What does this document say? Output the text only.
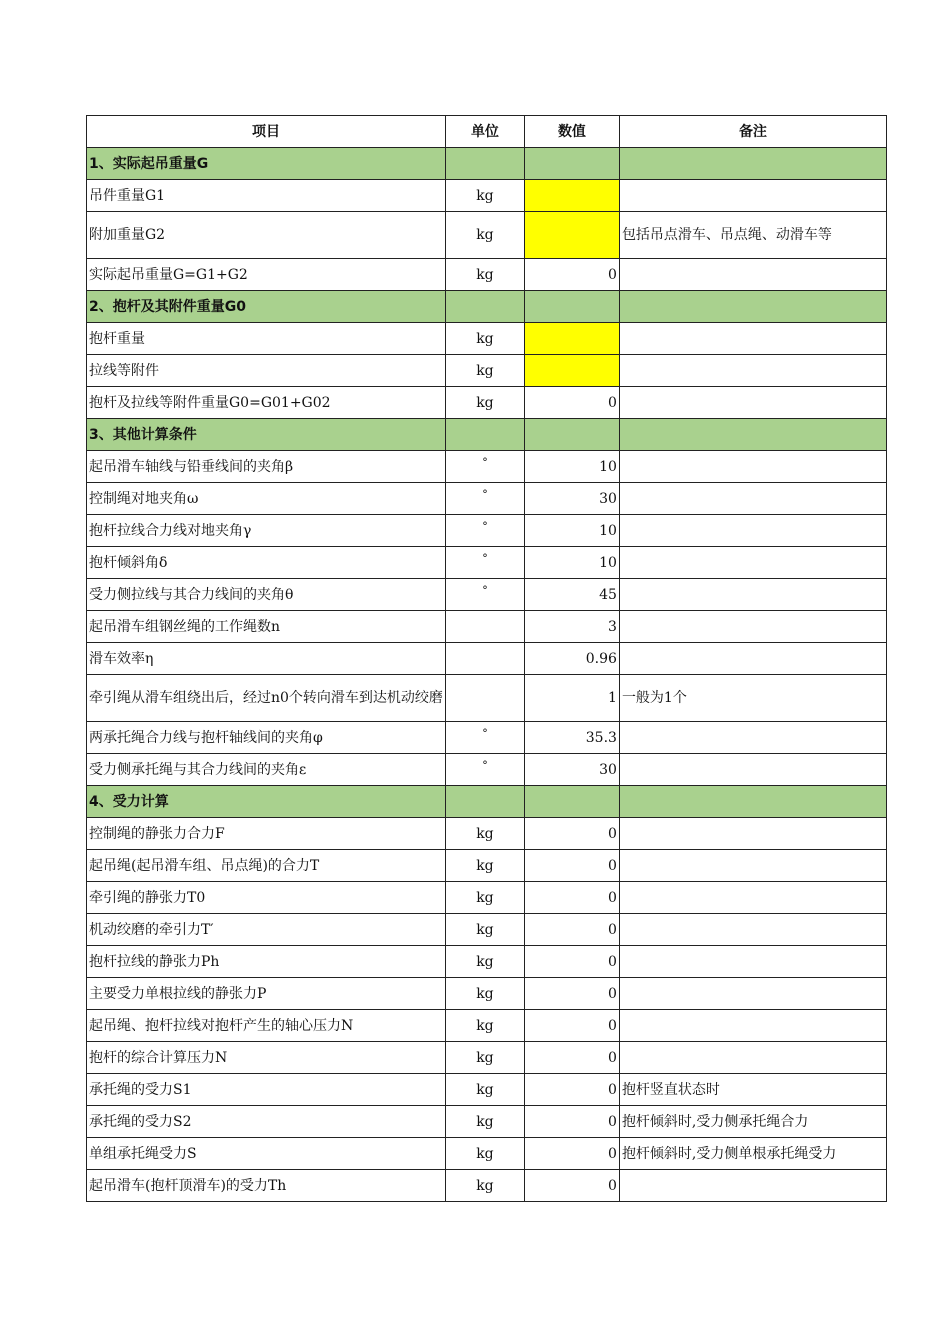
项目	单位	数值	备注
1、实际起吊重量G			
吊件重量G1	kg		
附加重量G2	kg		包括吊点滑车、吊点绳、动滑车等
实际起吊重量G=G1+G2	kg	0	
2、抱杆及其附件重量G0			
抱杆重量	kg		
拉线等附件	kg		
抱杆及拉线等附件重量G0=G01+G02	kg	0	
3、其他计算条件			
起吊滑车轴线与铅垂线间的夹角β	°	10	
控制绳对地夹角ω	°	30	
抱杆拉线合力线对地夹角γ	°	10	
抱杆倾斜角δ	°	10	
受力侧拉线与其合力线间的夹角θ	°	45	
起吊滑车组钢丝绳的工作绳数n		3	
滑车效率η		0.96	
牵引绳从滑车组绕出后，经过n0个转向滑车到达机动绞磨		1	一般为1个
两承托绳合力线与抱杆轴线间的夹角φ	°	35.3	
受力侧承托绳与其合力线间的夹角ε	°	30	
4、受力计算			
控制绳的静张力合力F	kg	0	
起吊绳(起吊滑车组、吊点绳)的合力T	kg	0	
牵引绳的静张力T0	kg	0	
机动绞磨的牵引力T′	kg	0	
抱杆拉线的静张力Ph	kg	0	
主要受力单根拉线的静张力P	kg	0	
起吊绳、抱杆拉线对抱杆产生的轴心压力N	kg	0	
抱杆的综合计算压力N	kg	0	
承托绳的受力S1	kg	0	抱杆竖直状态时
承托绳的受力S2	kg	0	抱杆倾斜时,受力侧承托绳合力
单组承托绳受力S	kg	0	抱杆倾斜时,受力侧单根承托绳受力
起吊滑车(抱杆顶滑车)的受力Th	kg	0	
